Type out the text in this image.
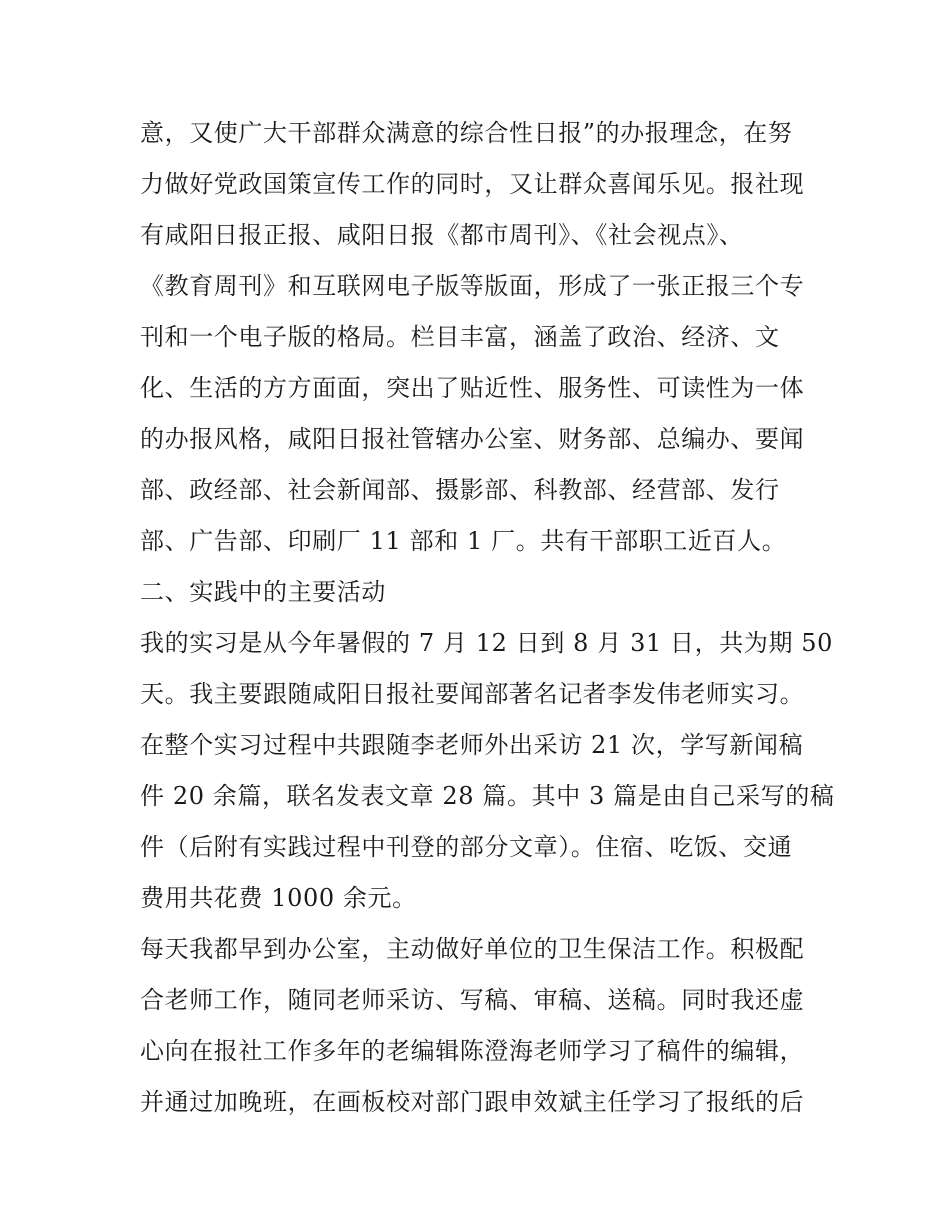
意，又使广大干部群众满意的综合性日报”的办报理念，在努
力做好党政国策宣传工作的同时，又让群众喜闻乐见。报社现
有咸阳日报正报、咸阳日报《都市周刊》、《社会视点》、
《教育周刊》和互联网电子版等版面，形成了一张正报三个专
刊和一个电子版的格局。栏目丰富，涵盖了政治、经济、文
化、生活的方方面面，突出了贴近性、服务性、可读性为一体
的办报风格，咸阳日报社管辖办公室、财务部、总编办、要闻
部、政经部、社会新闻部、摄影部、科教部、经营部、发行
部、广告部、印刷厂 11 部和 1 厂。共有干部职工近百人。
二、实践中的主要活动
我的实习是从今年暑假的 7 月 12 日到 8 月 31 日，共为期 50
天。我主要跟随咸阳日报社要闻部著名记者李发伟老师实习。
在整个实习过程中共跟随李老师外出采访 21 次，学写新闻稿
件 20 余篇，联名发表文章 28 篇。其中 3 篇是由自己采写的稿
件（后附有实践过程中刊登的部分文章）。住宿、吃饭、交通
费用共花费 1000 余元。
每天我都早到办公室，主动做好单位的卫生保洁工作。积极配
合老师工作，随同老师采访、写稿、审稿、送稿。同时我还虚
心向在报社工作多年的老编辑陈澄海老师学习了稿件的编辑，
并通过加晚班，在画板校对部门跟申效斌主任学习了报纸的后
